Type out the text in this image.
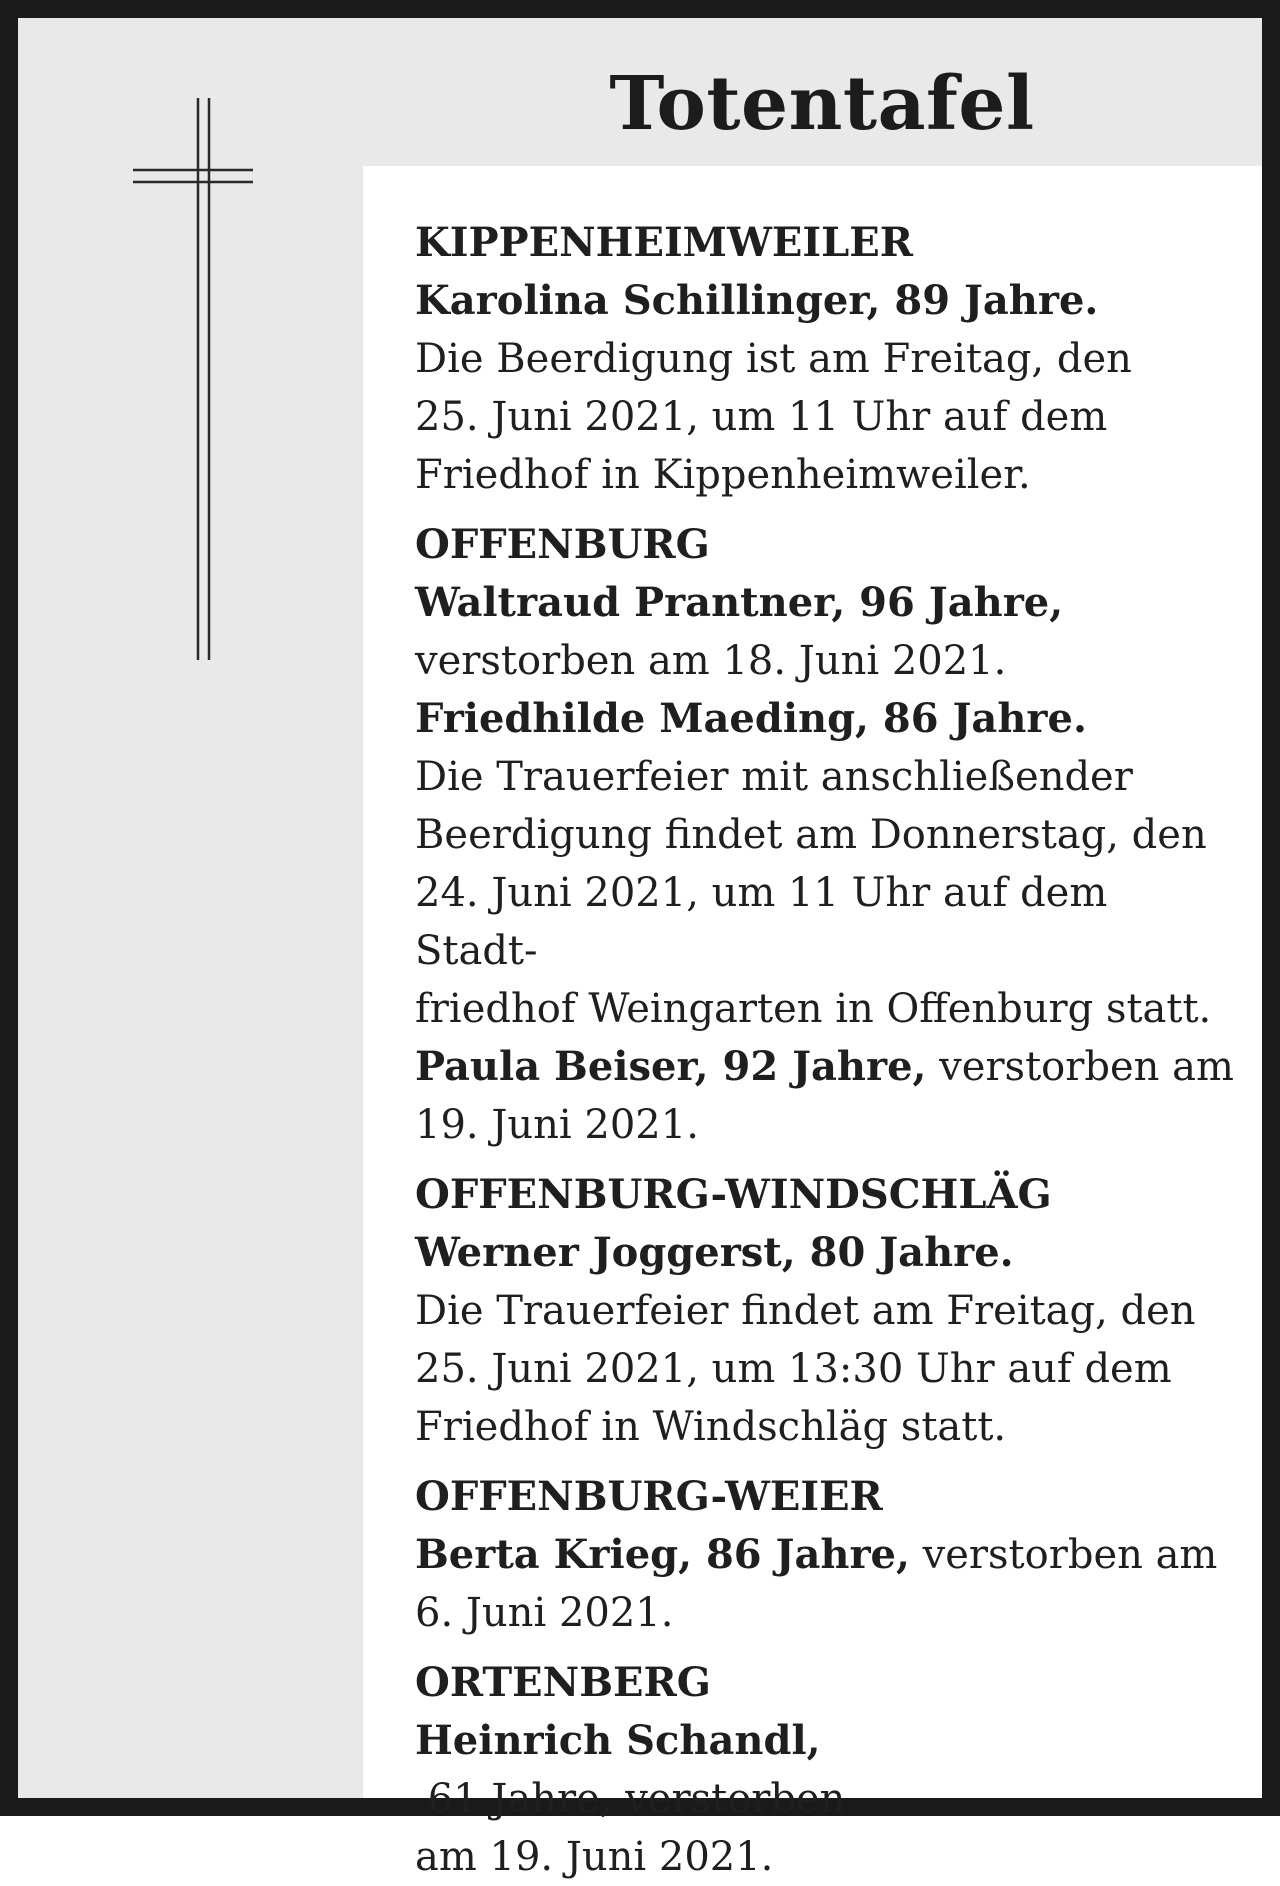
Totentafel
KIPPENHEIMWEILER
Karolina Schillinger, 89 Jahre.
Die Beerdigung ist am Freitag, den
25. Juni 2021, um 11 Uhr auf dem
Friedhof in Kippenheimweiler.
OFFENBURG
Waltraud Prantner, 96 Jahre,
verstorben am 18. Juni 2021.
Friedhilde Maeding, 86 Jahre.
Die Trauerfeier mit anschließender
Beerdigung findet am Donnerstag, den
24. Juni 2021, um 11 Uhr auf dem Stadt-
friedhof Weingarten in Offenburg statt.
Paula Beiser, 92 Jahre, verstorben am
19. Juni 2021.
OFFENBURG-WINDSCHLÄG
Werner Joggerst, 80 Jahre.
Die Trauerfeier findet am Freitag, den
25. Juni 2021, um 13:30 Uhr auf dem
Friedhof in Windschläg statt.
OFFENBURG-WEIER
Berta Krieg, 86 Jahre, verstorben am
6. Juni 2021.
ORTENBERG
Heinrich Schandl, 61 Jahre, verstorben
am 19. Juni 2021.
